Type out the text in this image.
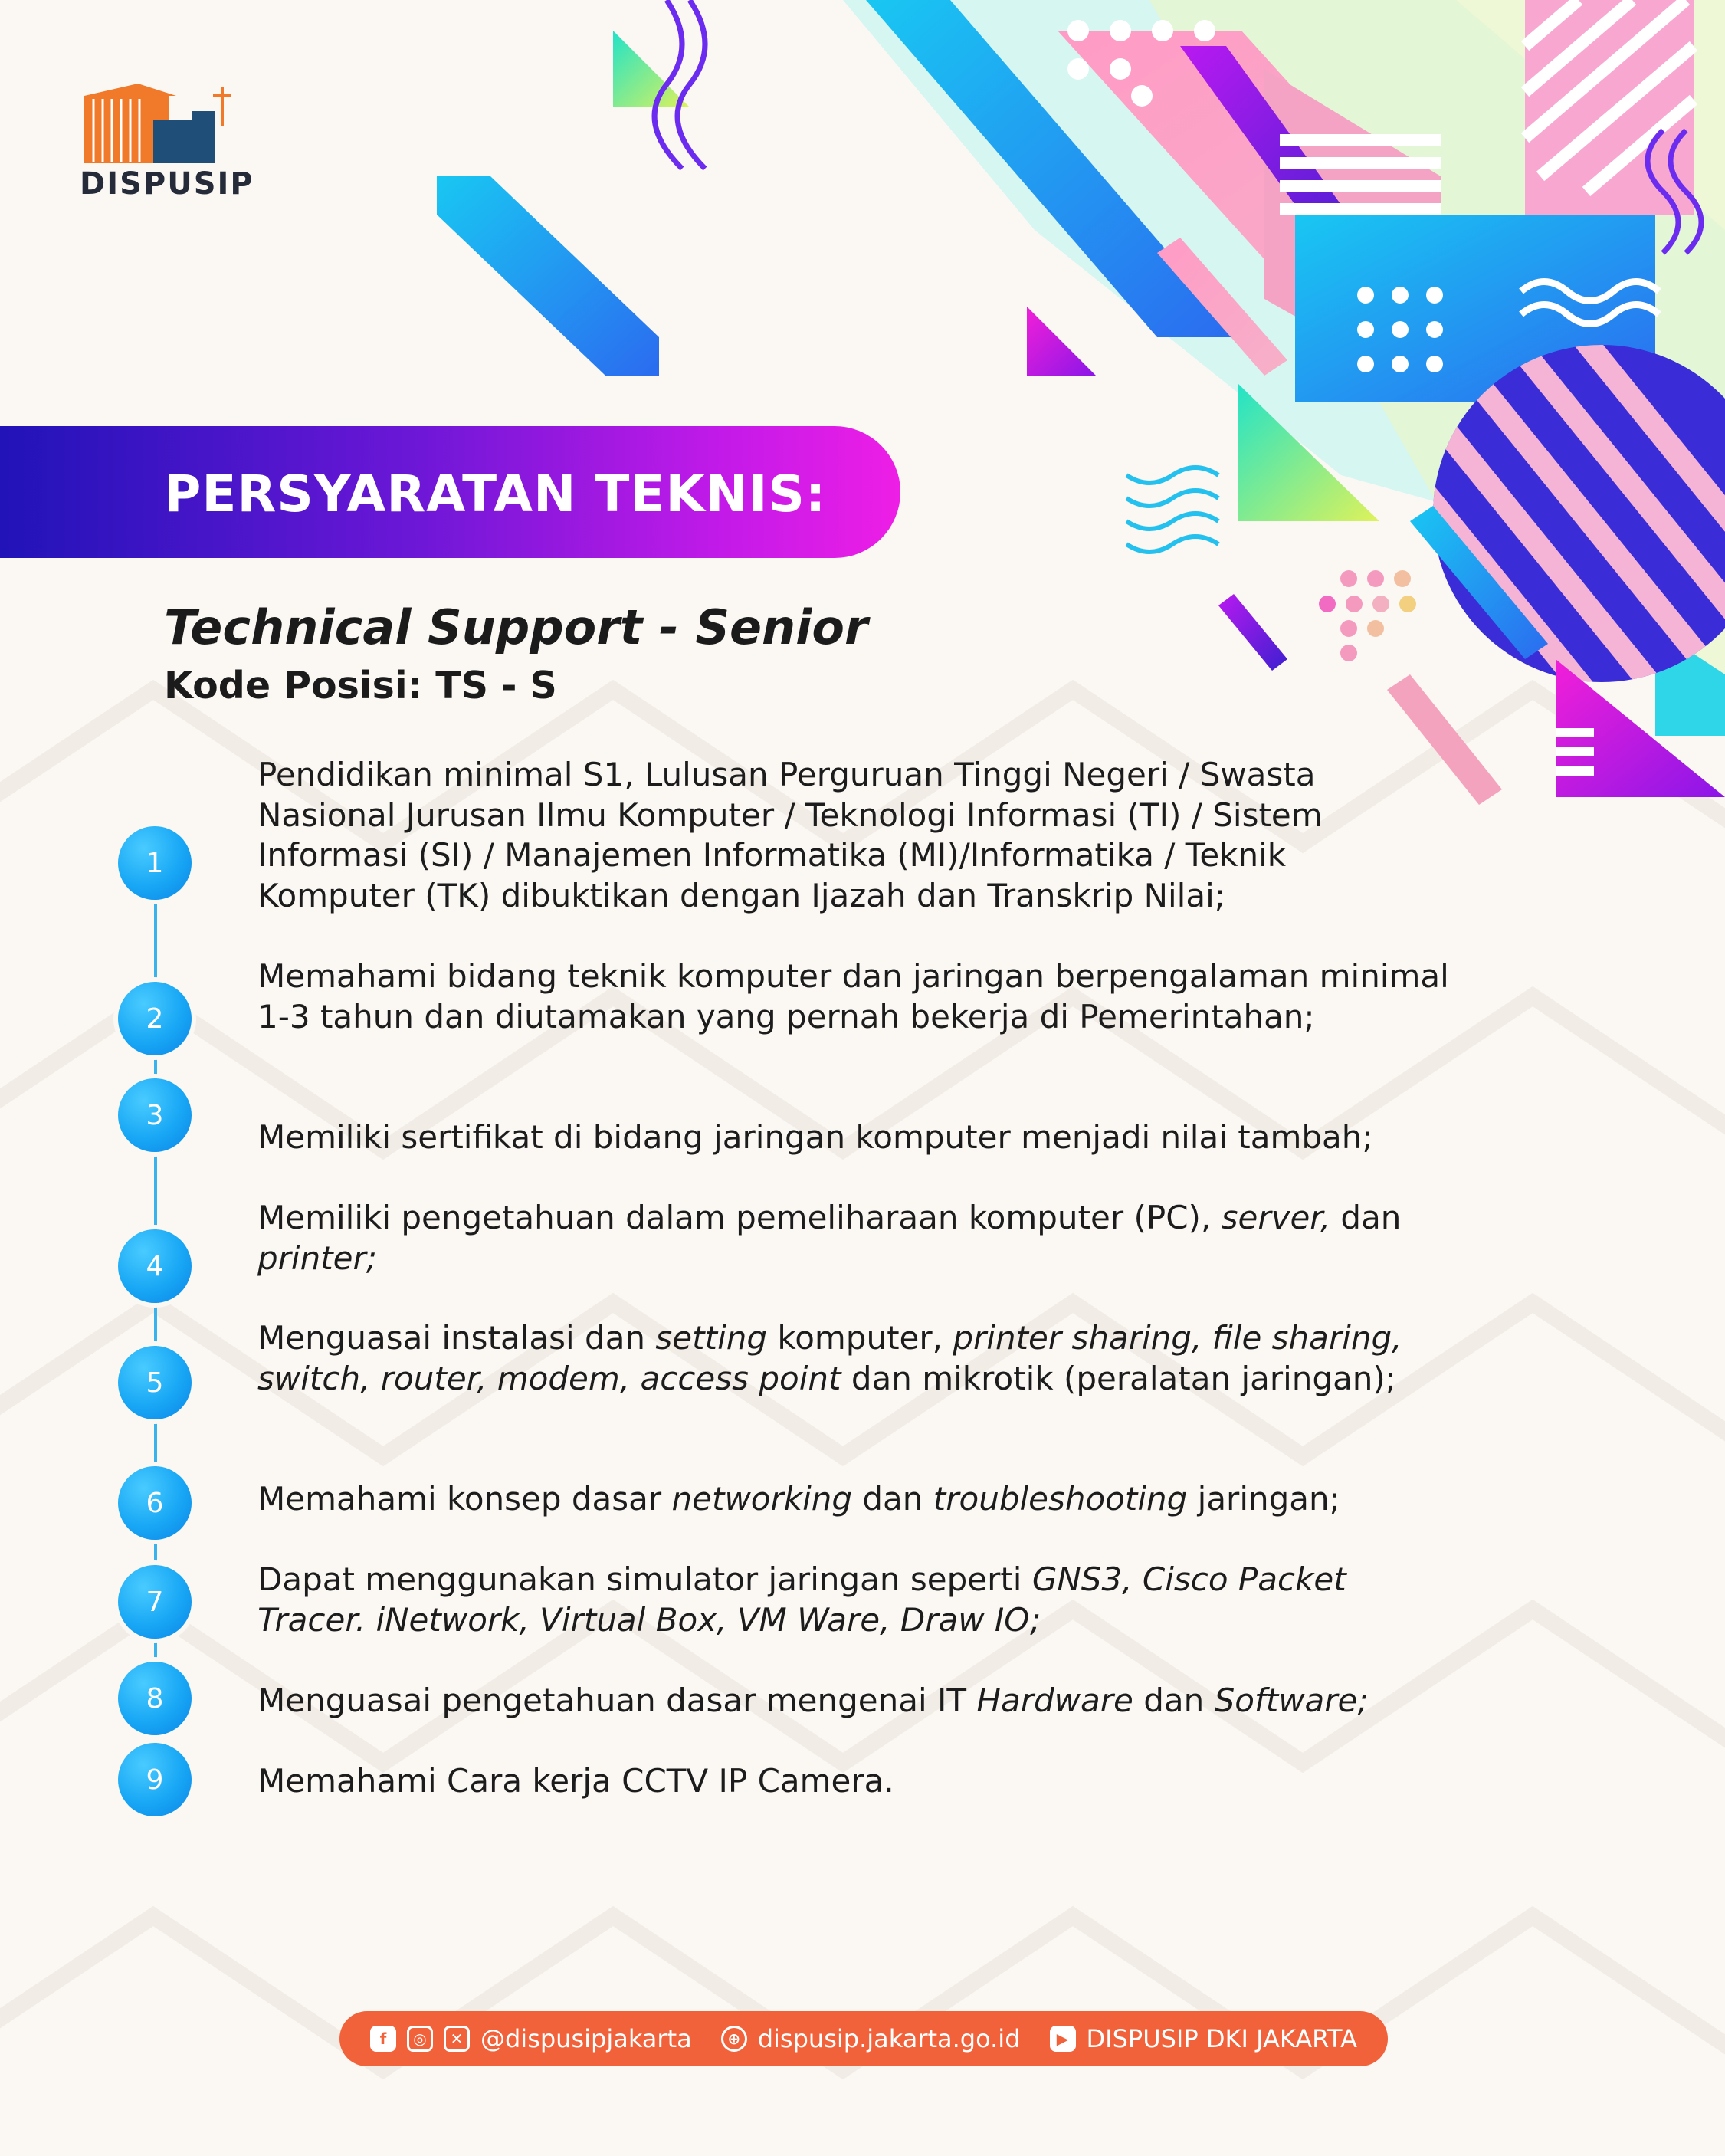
DISPUSIP
PERSYARATAN TEKNIS:
Technical Support - Senior
Kode Posisi: TS - S
1
2
3
4
5
6
7
8
9
Pendidikan minimal S1, Lulusan Perguruan Tinggi Negeri / Swasta Nasional Jurusan Ilmu Komputer / Teknologi Informasi (TI) / Sistem Informasi (SI) / Manajemen Informatika (MI)/Informatika / Teknik Komputer (TK) dibuktikan dengan Ijazah dan Transkrip Nilai;
Memahami bidang teknik komputer dan jaringan berpengalaman minimal 1-3 tahun dan diutamakan yang pernah bekerja di Pemerintahan;
Memiliki sertifikat di bidang jaringan komputer menjadi nilai tambah;
Memiliki pengetahuan dalam pemeliharaan komputer (PC), server, dan printer;
Menguasai instalasi dan setting komputer, printer sharing, file sharing, switch, router, modem, access point dan mikrotik (peralatan jaringan);
Memahami konsep dasar networking dan troubleshooting jaringan;
Dapat menggunakan simulator jaringan seperti GNS3, Cisco Packet Tracer. iNetwork, Virtual Box, VM Ware, Draw IO;
Menguasai pengetahuan dasar mengenai IT Hardware dan Software;
Memahami Cara kerja CCTV IP Camera.
f	◎	✕ @dispusipjakarta	⊕ dispusip.jakarta.go.id	▶ DISPUSIP DKI JAKARTA
